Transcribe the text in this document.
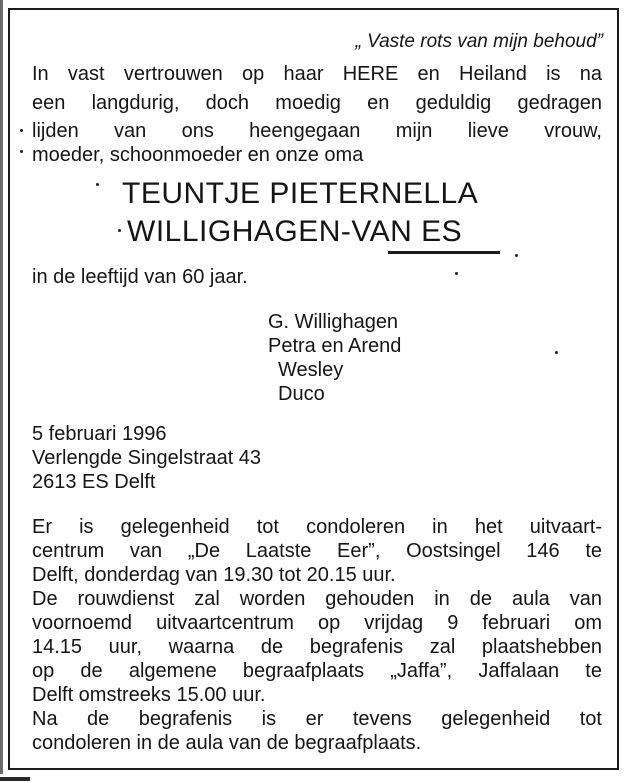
„ Vaste rots van mijn behoud”
In vast vertrouwen op haar HERE en Heiland is na
een langdurig, doch moedig en geduldig gedragen
lijden van ons heengegaan mijn lieve vrouw,
moeder, schoonmoeder en onze oma
TEUNTJE PIETERNELLA
WILLIGHAGEN-VAN ES
in de leeftijd van 60 jaar.
G. Willighagen
Petra en Arend
Wesley
Duco
5 februari 1996
Verlengde Singelstraat 43
2613 ES Delft
Er is gelegenheid tot condoleren in het uitvaart-
centrum van „De Laatste Eer”, Oostsingel 146 te
Delft, donderdag van 19.30 tot 20.15 uur.
De rouwdienst zal worden gehouden in de aula van
voornoemd uitvaartcentrum op vrijdag 9 februari om
14.15 uur, waarna de begrafenis zal plaatshebben
op de algemene begraafplaats „Jaffa”, Jaffalaan te
Delft omstreeks 15.00 uur.
Na de begrafenis is er tevens gelegenheid tot
condoleren in de aula van de begraafplaats.
